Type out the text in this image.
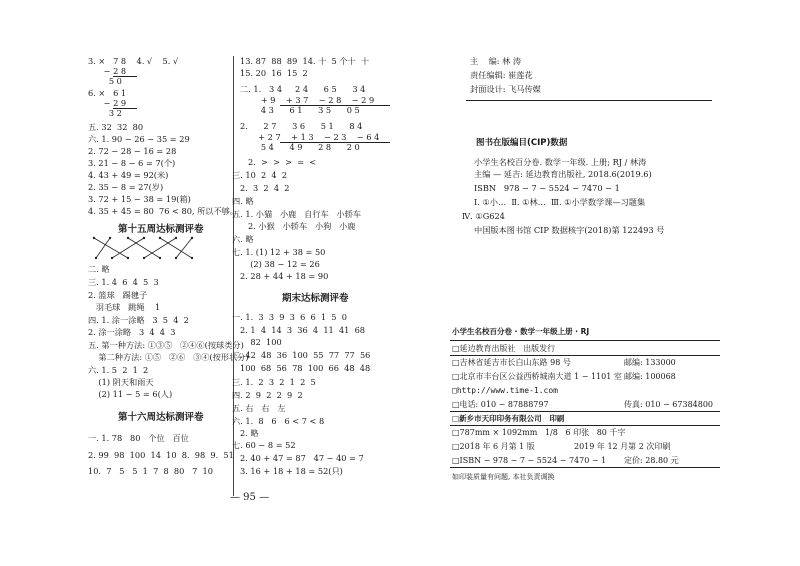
3. ×   7 8    4. √    5. √
− 2 8
5 0
6. ×   6 1
− 2 9
3 2
五. 32  32  80
六. 1. 90 − 26 − 35 = 29
2. 72 − 28 − 16 = 28
3. 21 − 8 − 6 = 7(个)
4. 43 + 49 = 92(米)
2. 35 − 8 = 27(岁)
3. 72 + 15 − 38 = 19(箱)
4. 35 + 45 = 80  76 < 80, 所以不够。
第十五周达标测评卷
二. 略
三. 1. 4  6  4  5  3
2. 篮球   踢毽子
羽毛球   跳绳    1
四. 1. 涂一涂略   3  5  4  2
2. 涂一涂略   3  4  4  3
五. 第一种方法: ①③⑤   ②④⑥(按球类分)
第二种方法: ①⑤   ②⑥   ③④(按形状分)
六. 1. 5  2  1  2
(1) 阴天和雨天
(2) 11 − 5 = 6(人)
第十六周达标测评卷
一. 1. 78   80   个位   百位
2. 99  98  100  14  10  8.  98  9.  51
10.  7   5   5  1  7  8  80   7  10
13. 87  88  89  14. 十  5 个十  十
15. 20  16  15  2
二. 1.   3 4     2 4      6 5      3 4
+ 9    + 3 7    − 2 8    − 2 9
4 3      6 1      3 5      0 5
2.      2 7      3 6      5 1      8 4
+ 2 7    + 1 3    − 2 3    − 6 4
5 4      4 9      2 8      2 0
2.  >  >  >  =  <
三. 10  2  4  2
2.  3  2  4  2
四. 略
五. 1. 小猫   小鹿   自行车   小轿车
2. 小猴   小轿车   小狗   小鹿
六. 略
七. 1. (1) 12 + 38 = 50
(2) 38 − 12 = 26
2. 28 + 44 + 18 = 90
期末达标测评卷
一. 1.  3  3  9  3  6  6  1  5  0
2. 1  4  14  3  36  4  11  41  68
82  100
二. 42  48  36  100  55  77  77  56
100  68  56  78  100  66  48  48
三. 1.  2  3  2  1  2  5
四. 2  9  2  2  9  2
五. 右   右   左
六. 1.  8   6   6 < 7 < 8
2. 略
七. 60 − 8 = 52
2. 40 + 47 = 87   47 − 40 = 7
3. 16 + 18 + 18 = 52(只)
— 95 —
主    编: 林 涛
责任编辑: 崔莲花
封面设计: 飞马传媒
图书在版编目(CIP)数据
小学生名校百分卷. 数学一年级. 上册; RJ / 林涛
主编 — 延吉: 延边教育出版社, 2018.6(2019.6)
ISBN   978 − 7 − 5524 − 7470 − 1
Ⅰ. ①小…  Ⅱ. ①林…  Ⅲ. ①小学数学课—习题集
Ⅳ. ①G624
中国版本图书馆 CIP 数据核字(2018)第 122493 号
小学生名校百分卷 · 数学一年级上册 · RJ
□延边教育出版社   出版发行
□吉林省延吉市长白山东路 98 号	邮编: 133000
□北京市丰台区公益西桥城南大道 1 − 1101 室 邮编: 100068
□http://www.time-1.com
□电话: 010 − 87888797	传真: 010 − 67384800
□新乡市天印印务有限公司   印刷
□787mm × 1092mm   1/8   6 印张   80 千字
□2018 年 6 月第 1 版	2019 年 12 月第 2 次印刷
□ISBN − 978 − 7 − 5524 − 7470 − 1 定价: 28.80 元
如印装质量有问题, 本社负责调换
